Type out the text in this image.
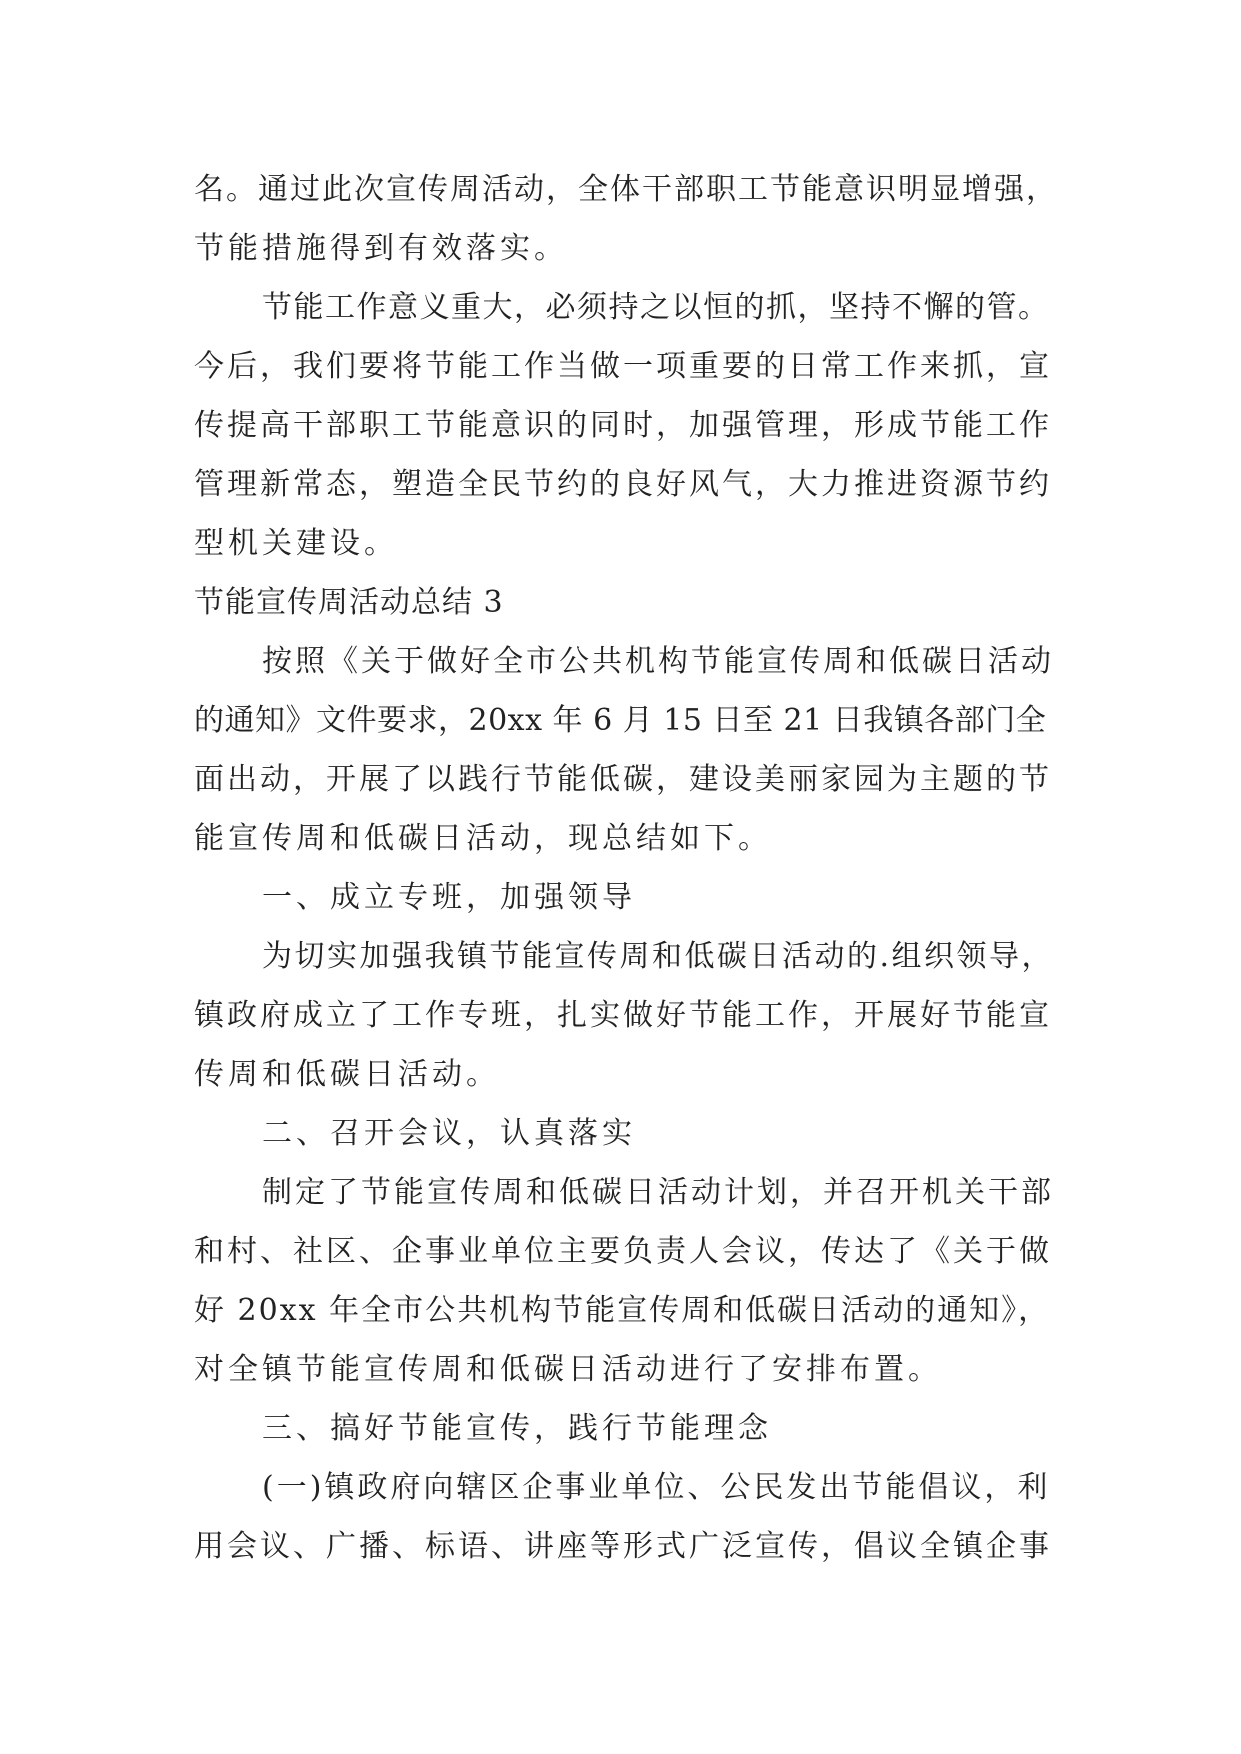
名。通过此次宣传周活动，全体干部职工节能意识明显增强，
节能措施得到有效落实。
节能工作意义重大，必须持之以恒的抓，坚持不懈的管。
今后，我们要将节能工作当做一项重要的日常工作来抓，宣
传提高干部职工节能意识的同时，加强管理，形成节能工作
管理新常态，塑造全民节约的良好风气，大力推进资源节约
型机关建设。
节能宣传周活动总结 3
按照《关于做好全市公共机构节能宣传周和低碳日活动
的通知》文件要求，20xx 年 6 月 15 日至 21 日我镇各部门全
面出动，开展了以践行节能低碳，建设美丽家园为主题的节
能宣传周和低碳日活动，现总结如下。
一、成立专班，加强领导
为切实加强我镇节能宣传周和低碳日活动的.组织领导，
镇政府成立了工作专班，扎实做好节能工作，开展好节能宣
传周和低碳日活动。
二、召开会议，认真落实
制定了节能宣传周和低碳日活动计划，并召开机关干部
和村、社区、企事业单位主要负责人会议，传达了《关于做
好 20xx 年全市公共机构节能宣传周和低碳日活动的通知》，
对全镇节能宣传周和低碳日活动进行了安排布置。
三、搞好节能宣传，践行节能理念
(一)镇政府向辖区企事业单位、公民发出节能倡议，利
用会议、广播、标语、讲座等形式广泛宣传，倡议全镇企事
